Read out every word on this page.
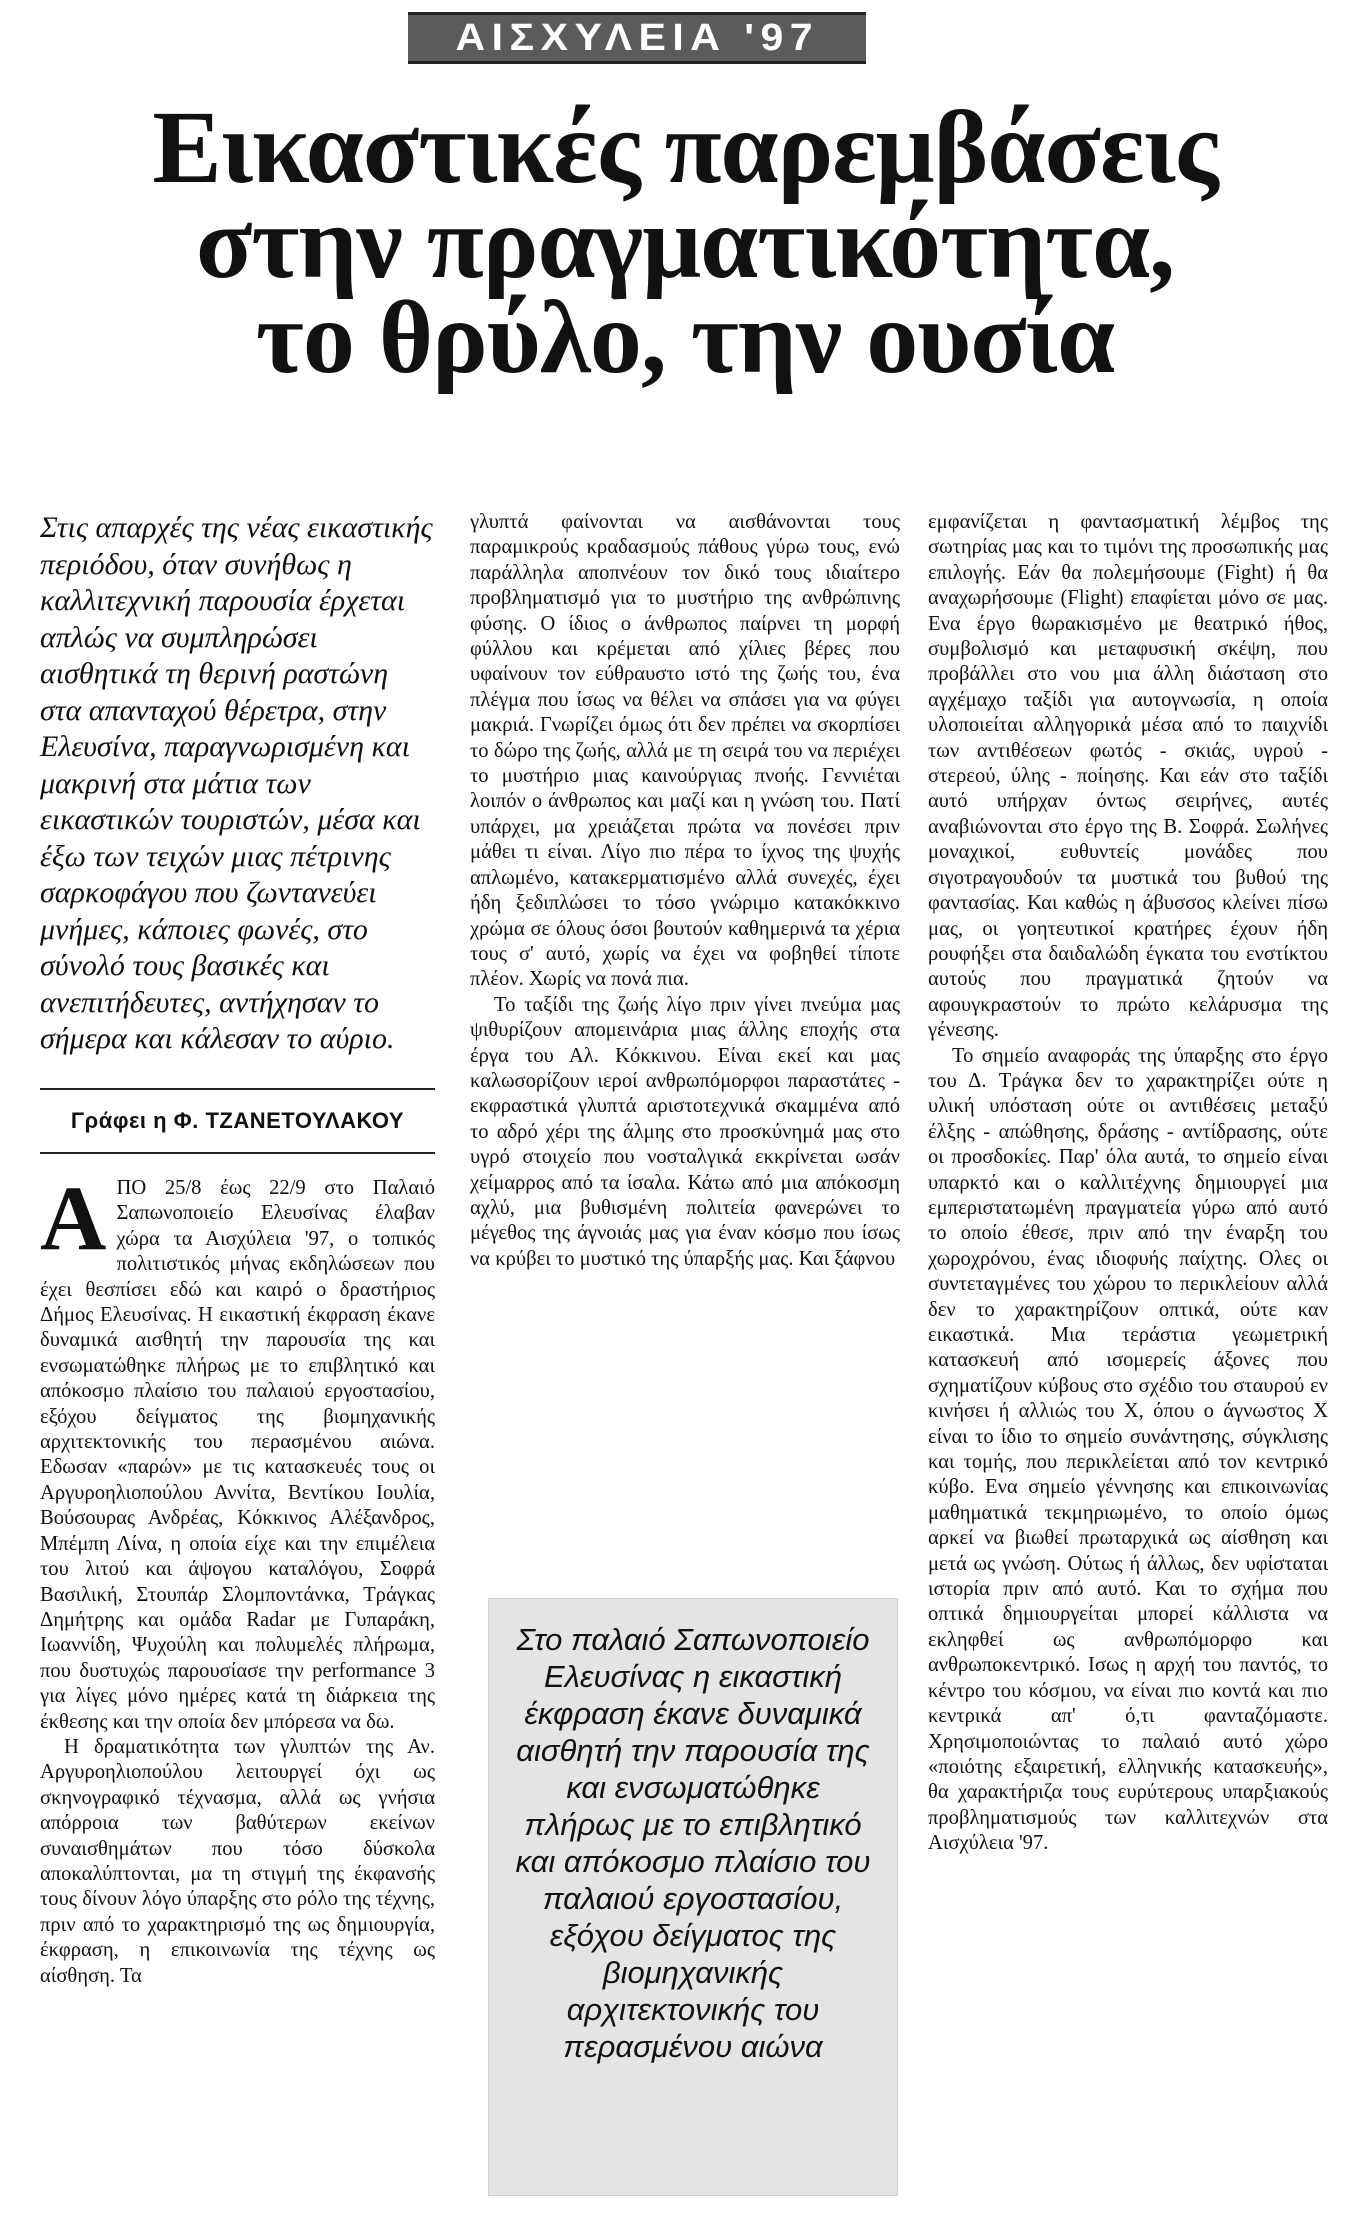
ΑΙΣΧΥΛΕΙΑ '97
Εικαστικές παρεμβάσεις
στην πραγματικότητα,
το θρύλο, την ουσία

Στις απαρχές της νέας εικαστικής περιόδου, όταν συνήθως η καλλιτεχνική παρουσία έρχεται απλώς να συμπληρώσει αισθητικά τη θερινή ραστώνη στα απανταχού θέρετρα, στην Ελευσίνα, παραγνωρισμένη και μακρινή στα μάτια των εικαστικών τουριστών, μέσα και έξω των τειχών μιας πέτρινης σαρκοφάγου που ζωντανεύει μνήμες, κάποιες φωνές, στο σύνολό τους βασικές και ανεπιτήδευτες, αντήχησαν το σήμερα και κάλεσαν το αύριο.

Γράφει η Φ. ΤΖΑΝΕΤΟΥΛΑΚΟΥ

ΑΠΟ 25/8 έως 22/9 στο Παλαιό Σαπωνοποιείο Ελευσίνας έλαβαν χώρα τα Αισχύλεια '97, ο τοπικός πολιτιστικός μήνας εκδηλώσεων που έχει θεσπίσει εδώ και καιρό ο δραστήριος Δήμος Ελευσίνας. Η εικαστική έκφραση έκανε δυναμικά αισθητή την παρουσία της και ενσωματώθηκε πλήρως με το επιβλητικό και απόκοσμο πλαίσιο του παλαιού εργοστασίου, εξόχου δείγματος της βιομηχανικής αρχιτεκτονικής του περασμένου αιώνα. Εδωσαν «παρών» με τις κατασκευές τους οι Αργυροηλιοπούλου Αννίτα, Βεντίκου Ιουλία, Βούσουρας Ανδρέας, Κόκκινος Αλέξανδρος, Μπέμπη Λίνα, η οποία είχε και την επιμέλεια του λιτού και άψογου καταλόγου, Σοφρά Βασιλική, Στουπάρ Σλομποντάνκα, Τράγκας Δημήτρης και ομάδα Radar με Γυπαράκη, Ιωαννίδη, Ψυχούλη και πολυμελές πλήρωμα, που δυστυχώς παρουσίασε την performance 3 για λίγες μόνο ημέρες κατά τη διάρκεια της έκθεσης και την οποία δεν μπόρεσα να δω.

Η δραματικότητα των γλυπτών της Αν. Αργυροηλιοπούλου λειτουργεί όχι ως σκηνογραφικό τέχνασμα, αλλά ως γνήσια απόρροια των βαθύτερων εκείνων συναισθημάτων που τόσο δύσκολα αποκαλύπτονται, μα τη στιγμή της έκφανσής τους δίνουν λόγο ύπαρξης στο ρόλο της τέχνης, πριν από το χαρακτηρισμό της ως δημιουργία, έκφραση, η επικοινωνία της τέχνης ως αίσθηση. Τα

γλυπτά φαίνονται να αισθάνονται τους παραμικρούς κραδασμούς πάθους γύρω τους, ενώ παράλληλα αποπνέουν τον δικό τους ιδιαίτερο προβληματισμό για το μυστήριο της ανθρώπινης φύσης. Ο ίδιος ο άνθρωπος παίρνει τη μορφή φύλλου και κρέμεται από χίλιες βέρες που υφαίνουν τον εύθραυστο ιστό της ζωής του, ένα πλέγμα που ίσως να θέλει να σπάσει για να φύγει μακριά. Γνωρίζει όμως ότι δεν πρέπει να σκορπίσει το δώρο της ζωής, αλλά με τη σειρά του να περιέχει το μυστήριο μιας καινούργιας πνοής. Γεννιέται λοιπόν ο άνθρωπος και μαζί και η γνώση του. Πατί υπάρχει, μα χρειάζεται πρώτα να πονέσει πριν μάθει τι είναι. Λίγο πιο πέρα το ίχνος της ψυχής απλωμένο, κατακερματισμένο αλλά συνεχές, έχει ήδη ξεδιπλώσει το τόσο γνώριμο κατακόκκινο χρώμα σε όλους όσοι βουτούν καθημερινά τα χέρια τους σ' αυτό, χωρίς να έχει να φοβηθεί τίποτε πλέον. Χωρίς να πονά πια.

Το ταξίδι της ζωής λίγο πριν γίνει πνεύμα μας ψιθυρίζουν απομεινάρια μιας άλλης εποχής στα έργα του Αλ. Κόκκινου. Είναι εκεί και μας καλωσορίζουν ιεροί ανθρωπόμορφοι παραστάτες - εκφραστικά γλυπτά αριστοτεχνικά σκαμμένα από το αδρό χέρι της άλμης στο προσκύνημά μας στο υγρό στοιχείο που νοσταλγικά εκκρίνεται ωσάν χείμαρρος από τα ίσαλα. Κάτω από μια απόκοσμη αχλύ, μια βυθισμένη πολιτεία φανερώνει το μέγεθος της άγνοιάς μας για έναν κόσμο που ίσως να κρύβει το μυστικό της ύπαρξής μας. Και ξάφνου

Στο παλαιό Σαπωνοποιείο Ελευσίνας η εικαστική έκφραση έκανε δυναμικά αισθητή την παρουσία της και ενσωματώθηκε πλήρως με το επιβλητικό και απόκοσμο πλαίσιο του παλαιού εργοστασίου, εξόχου δείγματος της βιομηχανικής αρχιτεκτονικής του περασμένου αιώνα

εμφανίζεται η φαντασματική λέμβος της σωτηρίας μας και το τιμόνι της προσωπικής μας επιλογής. Εάν θα πολεμήσουμε (Fight) ή θα αναχωρήσουμε (Flight) επαφίεται μόνο σε μας. Ενα έργο θωρακισμένο με θεατρικό ήθος, συμβολισμό και μεταφυσική σκέψη, που προβάλλει στο νου μια άλλη διάσταση στο αγχέμαχο ταξίδι για αυτογνωσία, η οποία υλοποιείται αλληγορικά μέσα από το παιχνίδι των αντιθέσεων φωτός - σκιάς, υγρού - στερεού, ύλης - ποίησης. Και εάν στο ταξίδι αυτό υπήρχαν όντως σειρήνες, αυτές αναβιώνονται στο έργο της Β. Σοφρά. Σωλήνες μοναχικοί, ευθυντείς μονάδες που σιγοτραγουδούν τα μυστικά του βυθού της φαντασίας. Και καθώς η άβυσσος κλείνει πίσω μας, οι γοητευτικοί κρατήρες έχουν ήδη ρουφήξει στα δαιδαλώδη έγκατα του ενστίκτου αυτούς που πραγματικά ζητούν να αφουγκραστούν το πρώτο κελάρυσμα της γένεσης.

Το σημείο αναφοράς της ύπαρξης στο έργο του Δ. Τράγκα δεν το χαρακτηρίζει ούτε η υλική υπόσταση ούτε οι αντιθέσεις μεταξύ έλξης - απώθησης, δράσης - αντίδρασης, ούτε οι προσδοκίες. Παρ' όλα αυτά, το σημείο είναι υπαρκτό και ο καλλιτέχνης δημιουργεί μια εμπεριστατωμένη πραγματεία γύρω από αυτό το οποίο έθεσε, πριν από την έναρξη του χωροχρόνου, ένας ιδιοφυής παίχτης. Ολες οι συντεταγμένες του χώρου το περικλείουν αλλά δεν το χαρακτηρίζουν οπτικά, ούτε καν εικαστικά. Μια τεράστια γεωμετρική κατασκευή από ισομερείς άξονες που σχηματίζουν κύβους στο σχέδιο του σταυρού εν κινήσει ή αλλιώς του Χ, όπου ο άγνωστος Χ είναι το ίδιο το σημείο συνάντησης, σύγκλισης και τομής, που περικλείεται από τον κεντρικό κύβο. Ενα σημείο γέννησης και επικοινωνίας μαθηματικά τεκμηριωμένο, το οποίο όμως αρκεί να βιωθεί πρωταρχικά ως αίσθηση και μετά ως γνώση. Ούτως ή άλλως, δεν υφίσταται ιστορία πριν από αυτό. Και το σχήμα που οπτικά δημιουργείται μπορεί κάλλιστα να εκληφθεί ως ανθρωπόμορφο και ανθρωποκεντρικό. Ισως η αρχή του παντός, το κέντρο του κόσμου, να είναι πιο κοντά και πιο κεντρικά απ' ό,τι φανταζόμαστε. Χρησιμοποιώντας το παλαιό αυτό χώρο «ποιότης εξαιρετική, ελληνικής κατασκευής», θα χαρακτήριζα τους ευρύτερους υπαρξιακούς προβληματισμούς των καλλιτεχνών στα Αισχύλεια '97.
